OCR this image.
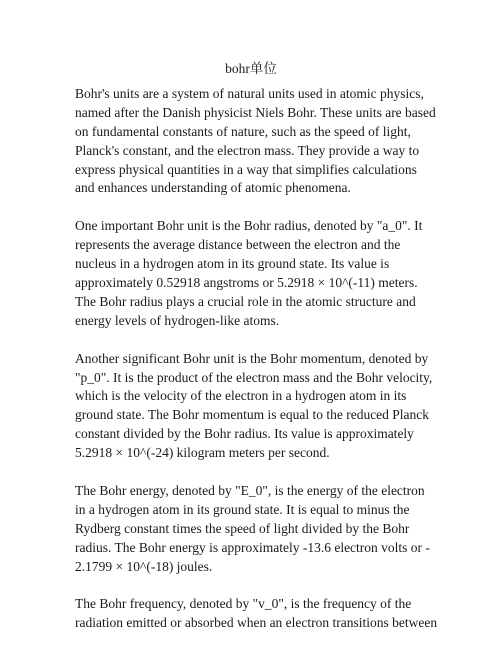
bohr单位

Bohr's units are a system of natural units used in atomic physics,
named after the Danish physicist Niels Bohr. These units are based
on fundamental constants of nature, such as the speed of light,
Planck's constant, and the electron mass. They provide a way to
express physical quantities in a way that simplifies calculations
and enhances understanding of atomic phenomena.

One important Bohr unit is the Bohr radius, denoted by "a_0". It
represents the average distance between the electron and the
nucleus in a hydrogen atom in its ground state. Its value is
approximately 0.52918 angstroms or 5.2918 × 10^(-11) meters.
The Bohr radius plays a crucial role in the atomic structure and
energy levels of hydrogen-like atoms.

Another significant Bohr unit is the Bohr momentum, denoted by
"p_0". It is the product of the electron mass and the Bohr velocity,
which is the velocity of the electron in a hydrogen atom in its
ground state. The Bohr momentum is equal to the reduced Planck
constant divided by the Bohr radius. Its value is approximately
5.2918 × 10^(-24) kilogram meters per second.

The Bohr energy, denoted by "E_0", is the energy of the electron
in a hydrogen atom in its ground state. It is equal to minus the
Rydberg constant times the speed of light divided by the Bohr
radius. The Bohr energy is approximately -13.6 electron volts or -
2.1799 × 10^(-18) joules.

The Bohr frequency, denoted by "v_0", is the frequency of the
radiation emitted or absorbed when an electron transitions between
